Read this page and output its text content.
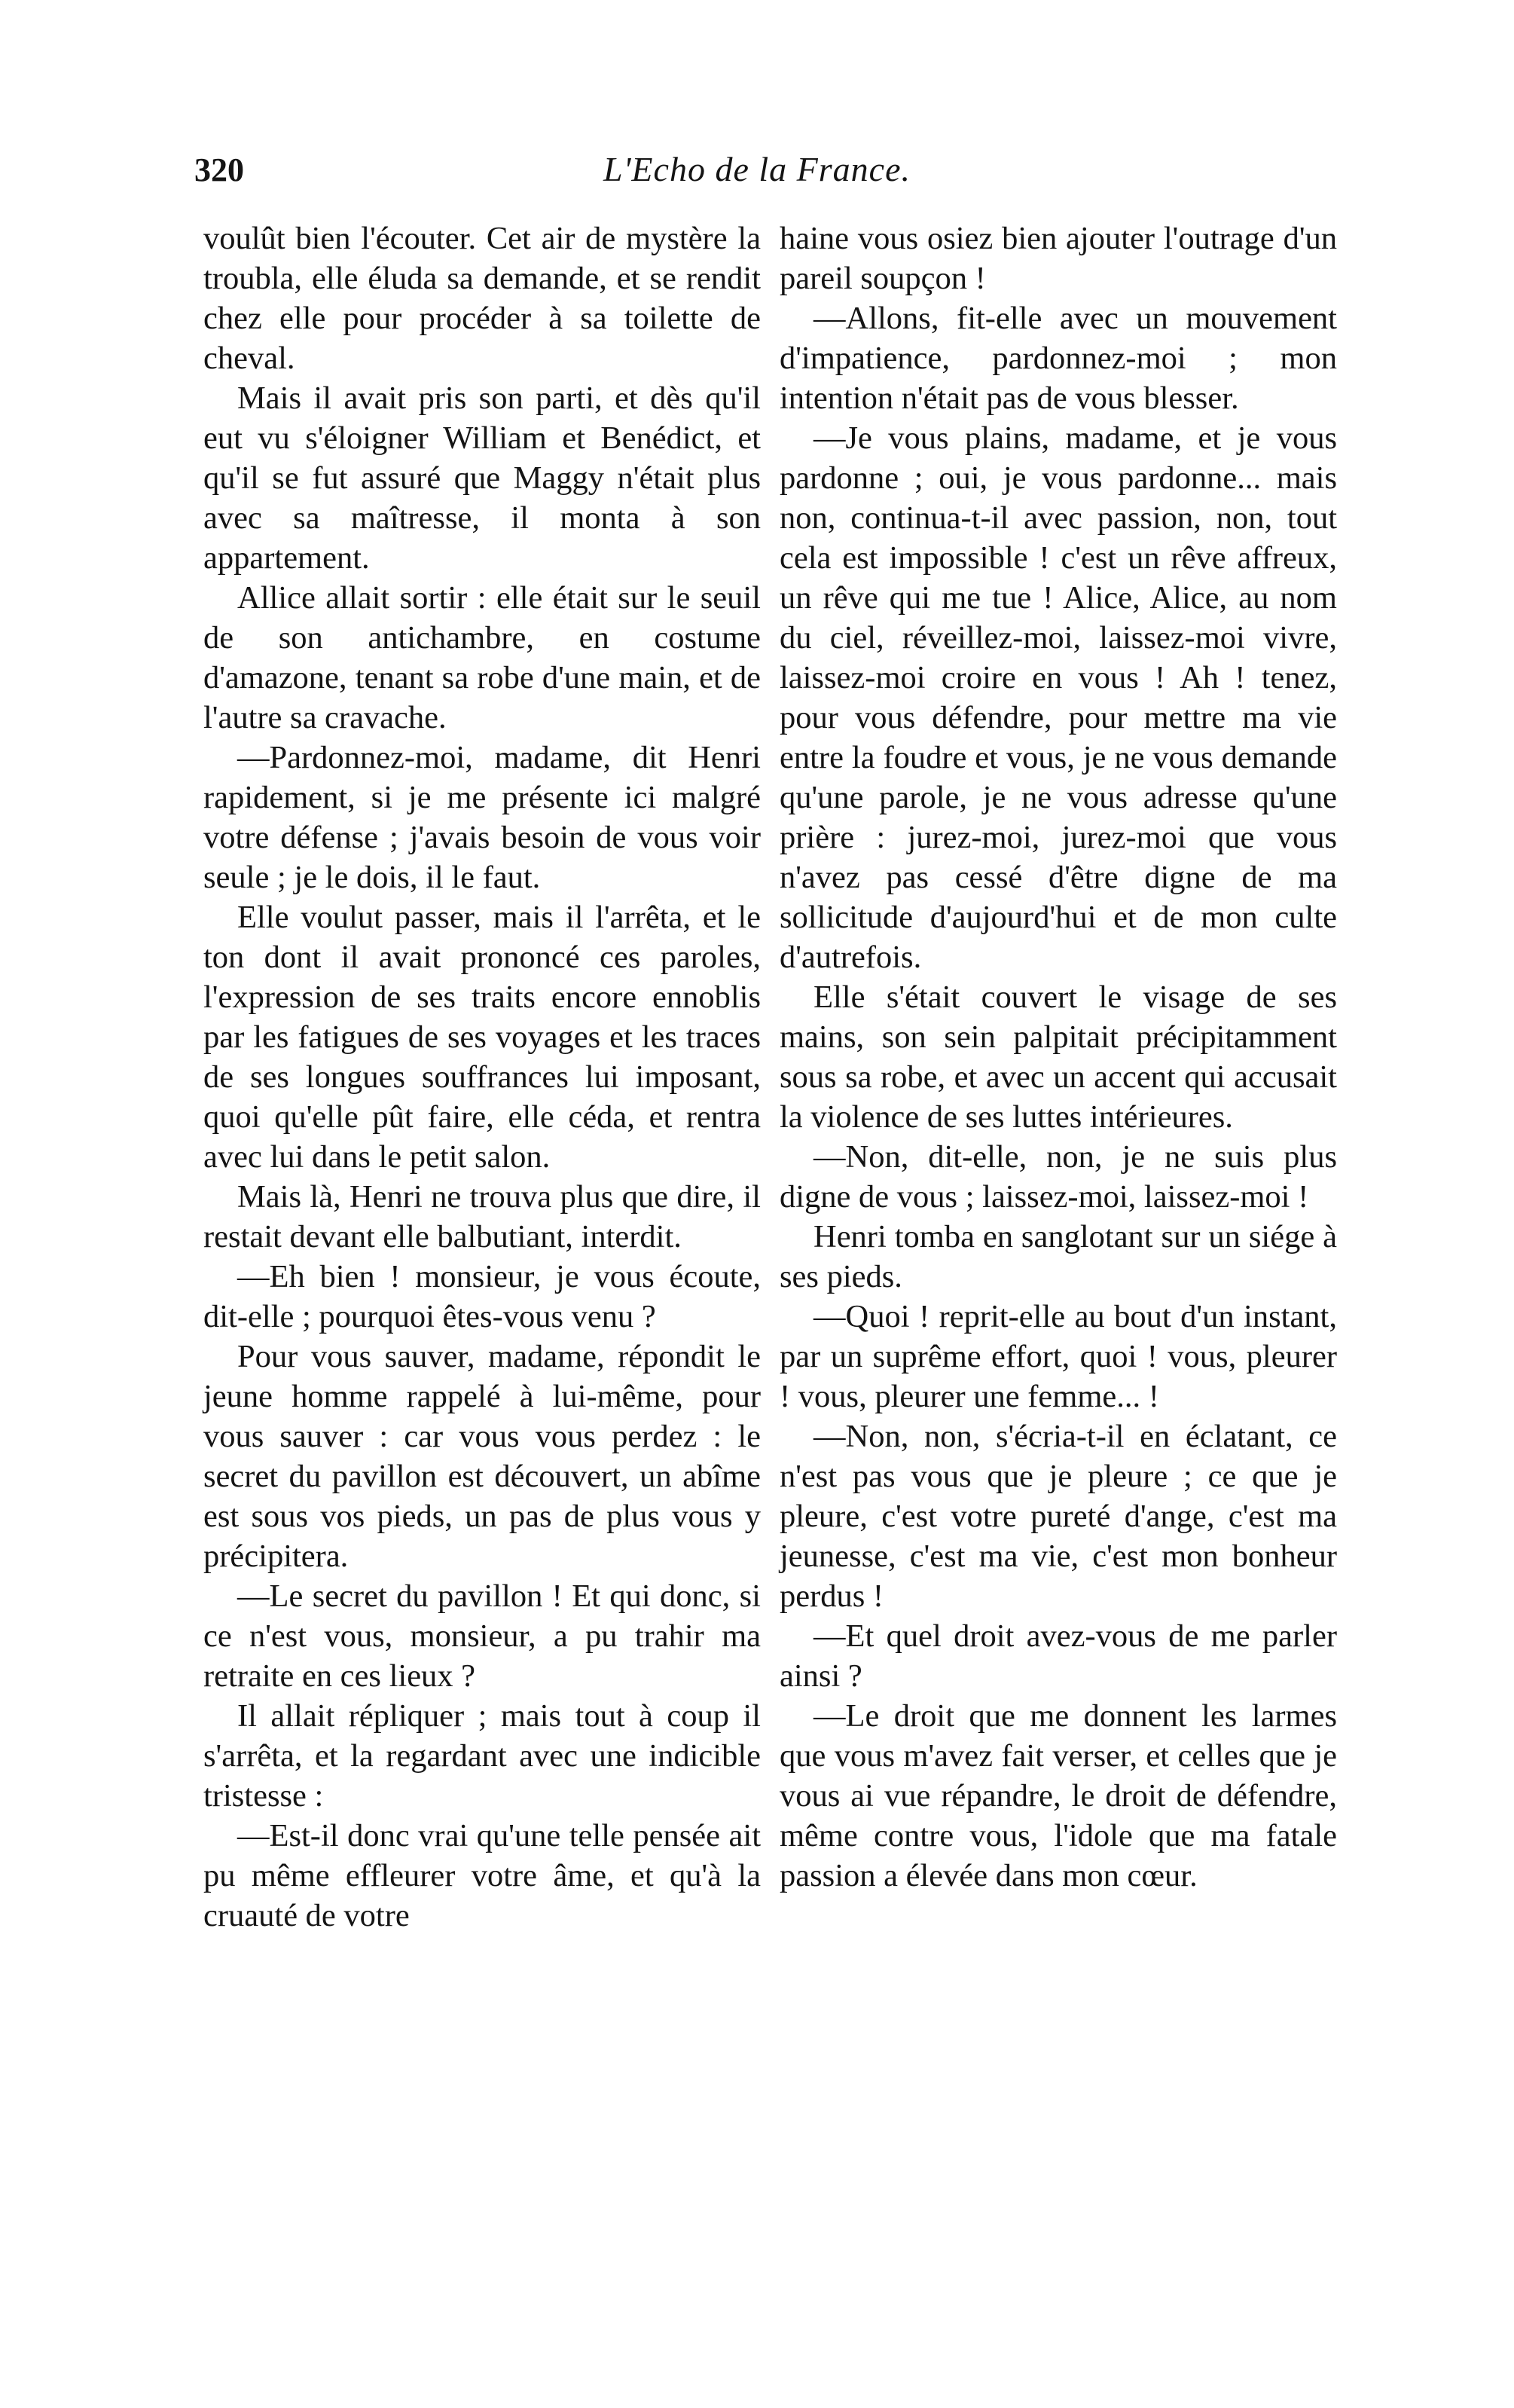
320	L'Echo de la France.

voulût bien l'écouter. Cet air de mystère la troubla, elle éluda sa demande, et se rendit chez elle pour procéder à sa toilette de cheval.

Mais il avait pris son parti, et dès qu'il eut vu s'éloigner William et Benédict, et qu'il se fut assuré que Maggy n'était plus avec sa maîtresse, il monta à son appartement.

Allice allait sortir : elle était sur le seuil de son antichambre, en costume d'amazone, tenant sa robe d'une main, et de l'autre sa cravache.

—Pardonnez-moi, madame, dit Henri rapidement, si je me présente ici malgré votre défense ; j'avais besoin de vous voir seule ; je le dois, il le faut.

Elle voulut passer, mais il l'arrêta, et le ton dont il avait prononcé ces paroles, l'expression de ses traits encore ennoblis par les fatigues de ses voyages et les traces de ses longues souffrances lui imposant, quoi qu'elle pût faire, elle céda, et rentra avec lui dans le petit salon.

Mais là, Henri ne trouva plus que dire, il restait devant elle balbutiant, interdit.

—Eh bien ! monsieur, je vous écoute, dit-elle ; pourquoi êtes-vous venu ?

Pour vous sauver, madame, répondit le jeune homme rappelé à lui-même, pour vous sauver : car vous vous perdez : le secret du pavillon est découvert, un abîme est sous vos pieds, un pas de plus vous y précipitera.

—Le secret du pavillon ! Et qui donc, si ce n'est vous, monsieur, a pu trahir ma retraite en ces lieux ?

Il allait répliquer ; mais tout à coup il s'arrêta, et la regardant avec une indicible tristesse :

—Est-il donc vrai qu'une telle pensée ait pu même effleurer votre âme, et qu'à la cruauté de votre

haine vous osiez bien ajouter l'outrage d'un pareil soupçon !

—Allons, fit-elle avec un mouvement d'impatience, pardonnez-moi ; mon intention n'était pas de vous blesser.

—Je vous plains, madame, et je vous pardonne ; oui, je vous pardonne... mais non, continua-t-il avec passion, non, tout cela est impossible ! c'est un rêve affreux, un rêve qui me tue ! Alice, Alice, au nom du ciel, réveillez-moi, laissez-moi vivre, laissez-moi croire en vous ! Ah ! tenez, pour vous défendre, pour mettre ma vie entre la foudre et vous, je ne vous demande qu'une parole, je ne vous adresse qu'une prière : jurez-moi, jurez-moi que vous n'avez pas cessé d'être digne de ma sollicitude d'aujourd'hui et de mon culte d'autrefois.

Elle s'était couvert le visage de ses mains, son sein palpitait précipitamment sous sa robe, et avec un accent qui accusait la violence de ses luttes intérieures.

—Non, dit-elle, non, je ne suis plus digne de vous ; laissez-moi, laissez-moi !

Henri tomba en sanglotant sur un siége à ses pieds.

—Quoi ! reprit-elle au bout d'un instant, par un suprême effort, quoi ! vous, pleurer ! vous, pleurer une femme... !

—Non, non, s'écria-t-il en éclatant, ce n'est pas vous que je pleure ; ce que je pleure, c'est votre pureté d'ange, c'est ma jeunesse, c'est ma vie, c'est mon bonheur perdus !

—Et quel droit avez-vous de me parler ainsi ?

—Le droit que me donnent les larmes que vous m'avez fait verser, et celles que je vous ai vue répandre, le droit de défendre, même contre vous, l'idole que ma fatale passion a élevée dans mon cœur.
